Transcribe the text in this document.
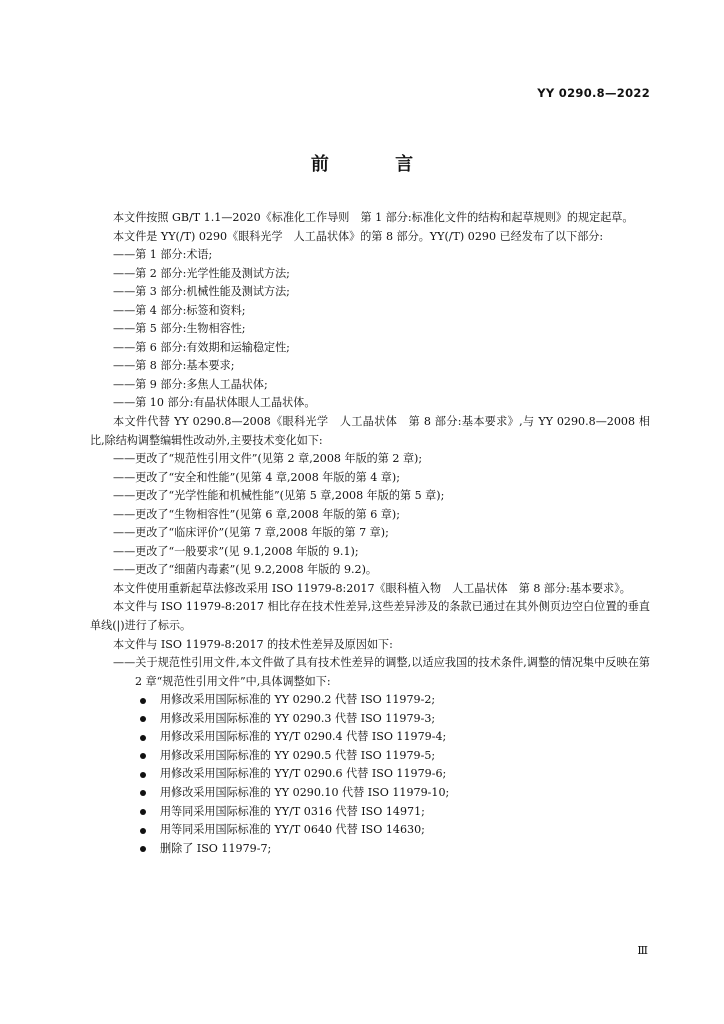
YY 0290.8—2022
前 言

本文件按照 GB/T 1.1—2020《标准化工作导则　第 1 部分:标准化文件的结构和起草规则》的规定起草。

本文件是 YY(/T) 0290《眼科光学　人工晶状体》的第 8 部分。YY(/T) 0290 已经发布了以下部分:

——第 1 部分:术语;

——第 2 部分:光学性能及测试方法;

——第 3 部分:机械性能及测试方法;

——第 4 部分:标签和资料;

——第 5 部分:生物相容性;

——第 6 部分:有效期和运输稳定性;

——第 8 部分:基本要求;

——第 9 部分:多焦人工晶状体;

——第 10 部分:有晶状体眼人工晶状体。

本文件代替 YY 0290.8—2008《眼科光学　人工晶状体　第 8 部分:基本要求》,与 YY 0290.8—2008 相比,除结构调整编辑性改动外,主要技术变化如下:

——更改了“规范性引用文件”(见第 2 章,2008 年版的第 2 章);

——更改了“安全和性能”(见第 4 章,2008 年版的第 4 章);

——更改了“光学性能和机械性能”(见第 5 章,2008 年版的第 5 章);

——更改了“生物相容性”(见第 6 章,2008 年版的第 6 章);

——更改了“临床评价”(见第 7 章,2008 年版的第 7 章);

——更改了“一般要求”(见 9.1,2008 年版的 9.1);

——更改了“细菌内毒素”(见 9.2,2008 年版的 9.2)。

本文件使用重新起草法修改采用 ISO 11979-8:2017《眼科植入物　人工晶状体　第 8 部分:基本要求》。

本文件与 ISO 11979-8:2017 相比存在技术性差异,这些差异涉及的条款已通过在其外侧页边空白位置的垂直单线(|)进行了标示。

本文件与 ISO 11979-8:2017 的技术性差异及原因如下:

——关于规范性引用文件,本文件做了具有技术性差异的调整,以适应我国的技术条件,调整的情况集中反映在第 2 章“规范性引用文件”中,具体调整如下:

用修改采用国际标准的 YY 0290.2 代替 ISO 11979-2;

用修改采用国际标准的 YY 0290.3 代替 ISO 11979-3;

用修改采用国际标准的 YY/T 0290.4 代替 ISO 11979-4;

用修改采用国际标准的 YY 0290.5 代替 ISO 11979-5;

用修改采用国际标准的 YY/T 0290.6 代替 ISO 11979-6;

用修改采用国际标准的 YY 0290.10 代替 ISO 11979-10;

用等同采用国际标准的 YY/T 0316 代替 ISO 14971;

用等同采用国际标准的 YY/T 0640 代替 ISO 14630;

删除了 ISO 11979-7;

Ⅲ
